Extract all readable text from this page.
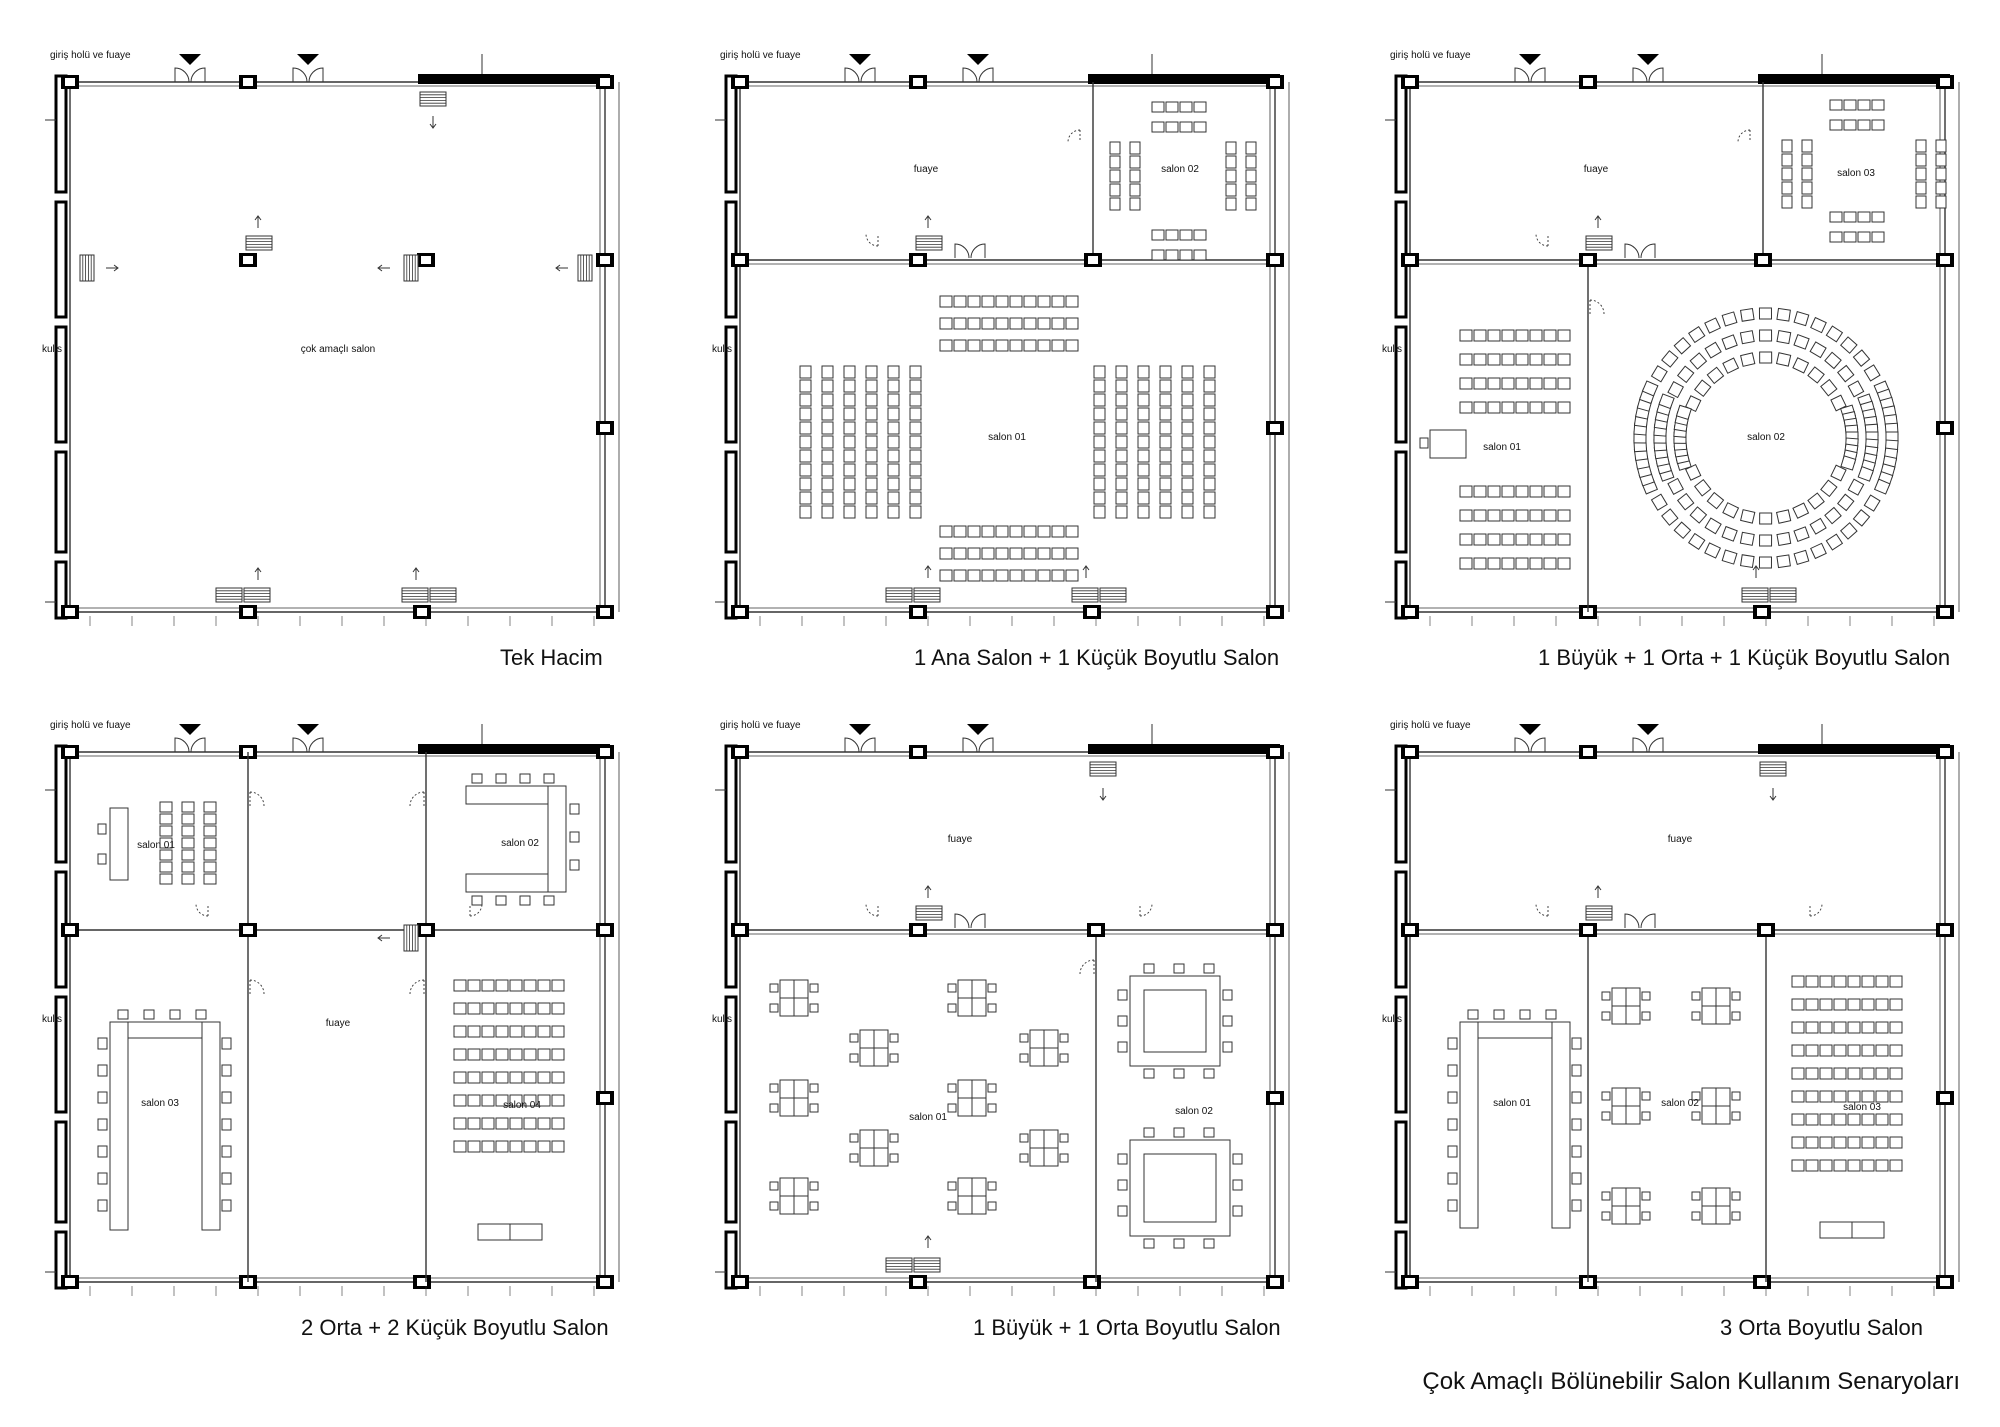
giriş holü ve fuaye
kulis	çok amaçlı salon
giriş holü ve fuaye
kulis
fuaye	salon 02
salon 01
giriş holü ve fuaye
kulis
fuaye	salon 03
salon 01
salon 02
giriş holü ve fuaye
kulis
salon 01	salon 02
fuaye
salon 03	salon 04
giriş holü ve fuaye
kulis
fuaye
salon 01
salon 02
giriş holü ve fuaye
kulis
fuaye
salon 01	salon 02	salon 03
Tek Hacim	1 Ana Salon + 1 Küçük Boyutlu Salon	1 Büyük + 1 Orta + 1 Küçük Boyutlu Salon
2 Orta + 2 Küçük Boyutlu Salon	1 Büyük + 1 Orta Boyutlu Salon	3 Orta Boyutlu Salon
Çok Amaçlı Bölünebilir Salon Kullanım Senaryoları
